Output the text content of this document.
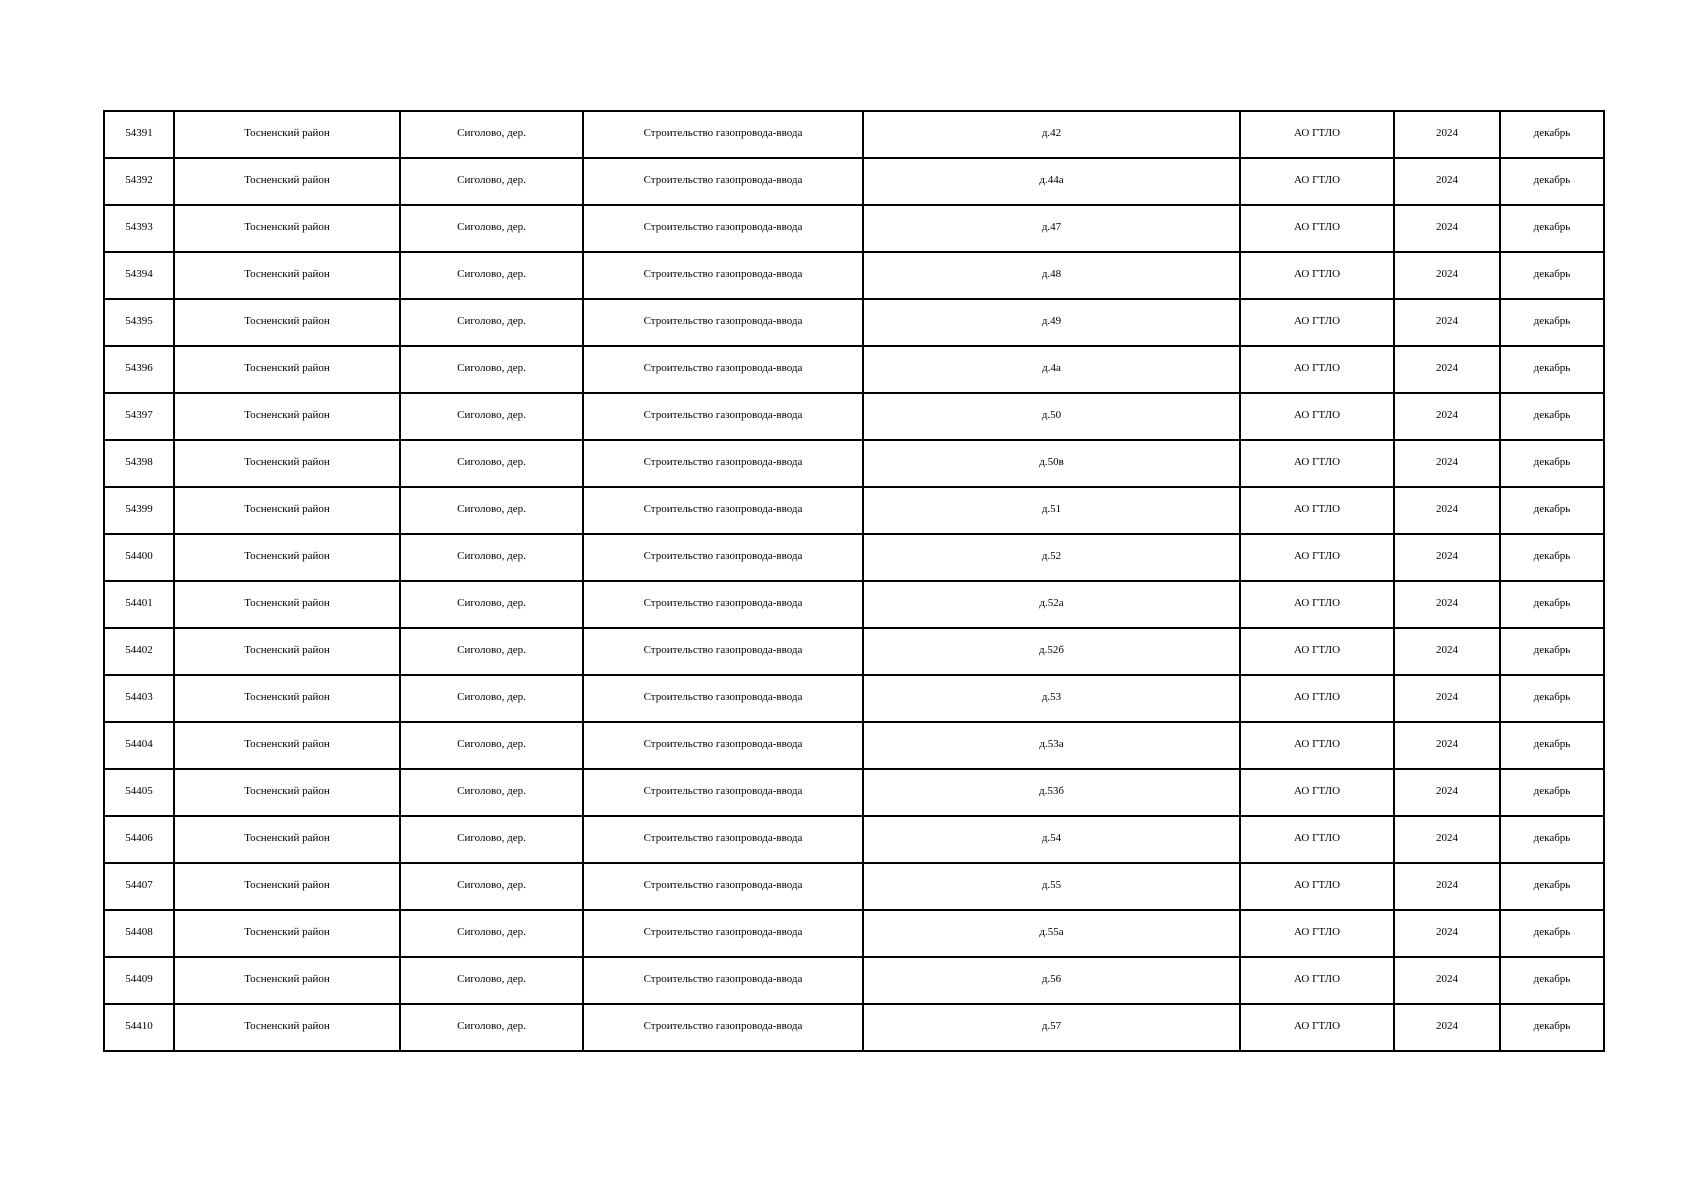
54391	Тосненский район	Сиголово, дер.	Строительство газопровода-ввода	д.42	АО ГТЛО	2024	декабрь
54392	Тосненский район	Сиголово, дер.	Строительство газопровода-ввода	д.44а	АО ГТЛО	2024	декабрь
54393	Тосненский район	Сиголово, дер.	Строительство газопровода-ввода	д.47	АО ГТЛО	2024	декабрь
54394	Тосненский район	Сиголово, дер.	Строительство газопровода-ввода	д.48	АО ГТЛО	2024	декабрь
54395	Тосненский район	Сиголово, дер.	Строительство газопровода-ввода	д.49	АО ГТЛО	2024	декабрь
54396	Тосненский район	Сиголово, дер.	Строительство газопровода-ввода	д.4а	АО ГТЛО	2024	декабрь
54397	Тосненский район	Сиголово, дер.	Строительство газопровода-ввода	д.50	АО ГТЛО	2024	декабрь
54398	Тосненский район	Сиголово, дер.	Строительство газопровода-ввода	д.50в	АО ГТЛО	2024	декабрь
54399	Тосненский район	Сиголово, дер.	Строительство газопровода-ввода	д.51	АО ГТЛО	2024	декабрь
54400	Тосненский район	Сиголово, дер.	Строительство газопровода-ввода	д.52	АО ГТЛО	2024	декабрь
54401	Тосненский район	Сиголово, дер.	Строительство газопровода-ввода	д.52а	АО ГТЛО	2024	декабрь
54402	Тосненский район	Сиголово, дер.	Строительство газопровода-ввода	д.52б	АО ГТЛО	2024	декабрь
54403	Тосненский район	Сиголово, дер.	Строительство газопровода-ввода	д.53	АО ГТЛО	2024	декабрь
54404	Тосненский район	Сиголово, дер.	Строительство газопровода-ввода	д.53а	АО ГТЛО	2024	декабрь
54405	Тосненский район	Сиголово, дер.	Строительство газопровода-ввода	д.53б	АО ГТЛО	2024	декабрь
54406	Тосненский район	Сиголово, дер.	Строительство газопровода-ввода	д.54	АО ГТЛО	2024	декабрь
54407	Тосненский район	Сиголово, дер.	Строительство газопровода-ввода	д.55	АО ГТЛО	2024	декабрь
54408	Тосненский район	Сиголово, дер.	Строительство газопровода-ввода	д.55а	АО ГТЛО	2024	декабрь
54409	Тосненский район	Сиголово, дер.	Строительство газопровода-ввода	д.56	АО ГТЛО	2024	декабрь
54410	Тосненский район	Сиголово, дер.	Строительство газопровода-ввода	д.57	АО ГТЛО	2024	декабрь
